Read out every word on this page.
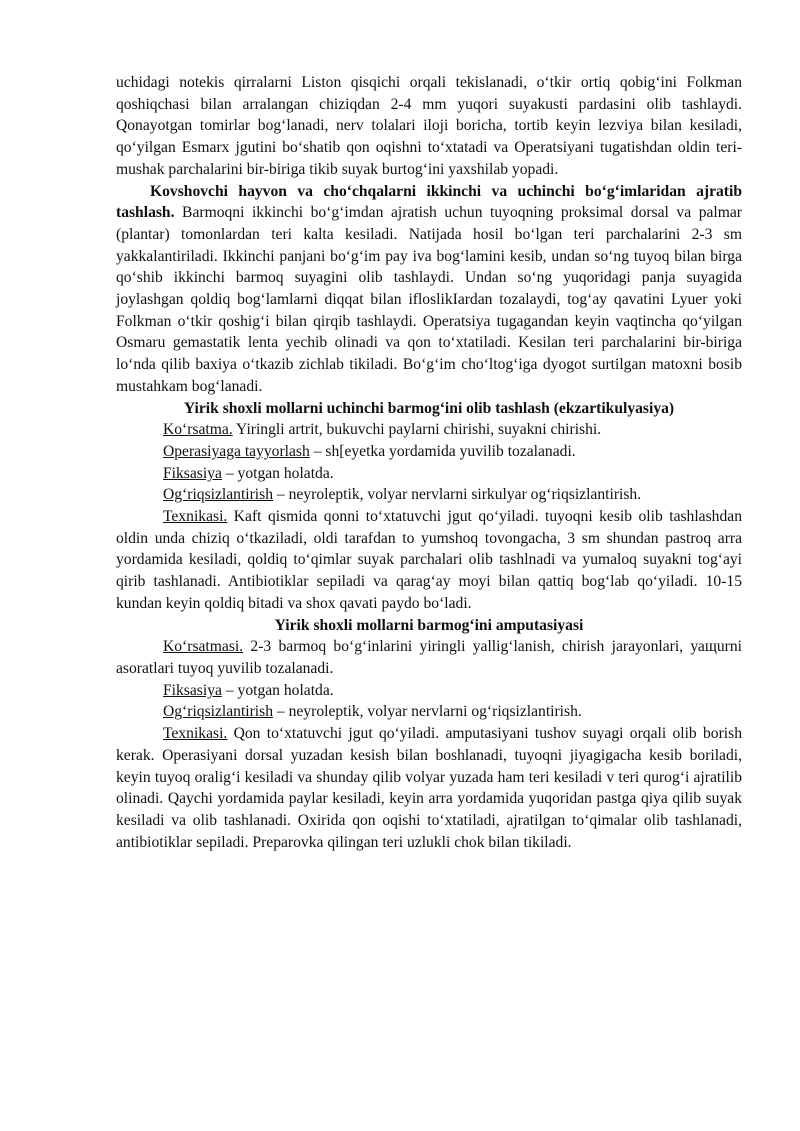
uchidagi notekis qirralarni Liston qisqichi orqali tekislanadi, o‘tkir ortiq qobig‘ini Folkman qoshiqchasi bilan arralangan chiziqdan 2-4 mm yuqori suyakusti pardasini olib tashlaydi. Qonayotgan tomirlar bog‘lanadi, nerv tolalari iloji boricha, tortib keyin lezviya bilan kesiladi, qo‘yilgan Esmarx jgutini bo‘shatib qon oqishni to‘xtatadi va Operatsiyani tugatishdan oldin teri-mushak parchalarini bir-biriga tikib suyak burtog‘ini yaxshilab yopadi.

Kovshovchi hayvon va cho‘chqalarni ikkinchi va uchinchi bo‘g‘imlaridan ajratib tashlash. Barmoqni ikkinchi bo‘g‘imdan ajratish uchun tuyoqning proksimal dorsal va palmar (plantar) tomonlardan teri kalta kesiladi. Natijada hosil bo‘lgan teri parchalarini 2-3 sm yakkalantiriladi. Ikkinchi panjani bo‘g‘im pay iva bog‘lamini kesib, undan so‘ng tuyoq bilan birga qo‘shib ikkinchi barmoq suyagini olib tashlaydi. Undan so‘ng yuqoridagi panja suyagida joylashgan qoldiq bog‘lamlarni diqqat bilan ifloslikIardan tozalaydi, tog‘ay qavatini Lyuer yoki Folkman o‘tkir qoshig‘i bilan qirqib tashlaydi. Operatsiya tugagandan keyin vaqtincha qo‘yilgan Osmaru gemastatik lenta yechib olinadi va qon to‘xtatiladi. Kesilan teri parchalarini bir-biriga lo‘nda qilib baxiya o‘tkazib zichlab tikiladi. Bo‘g‘im cho‘ltog‘iga dyogot surtilgan matoxni bosib mustahkam bog‘lanadi.

Yirik shoxli mollarni uchinchi barmog‘ini olib tashlash (ekzartikulyasiya)

Ko‘rsatma. Yiringli artrit, bukuvchi paylarni chirishi, suyakni chirishi.

Operasiyaga tayyorlash – sh[eyetka yordamida yuvilib tozalanadi.

Fiksasiya – yotgan holatda.

Og‘riqsizlantirish – neyroleptik, volyar nervlarni sirkulyar og‘riqsizlantirish.

Texnikasi. Kaft qismida qonni to‘xtatuvchi jgut qo‘yiladi. tuyoqni kesib olib tashlashdan oldin unda chiziq o‘tkaziladi, oldi tarafdan to yumshoq tovongacha, 3 sm shundan pastroq arra yordamida kesiladi, qoldiq to‘qimlar suyak parchalari olib tashlnadi va yumaloq suyakni tog‘ayi qirib tashlanadi. Antibiotiklar sepiladi va qarag‘ay moyi bilan qattiq bog‘lab qo‘yiladi. 10-15 kundan keyin qoldiq bitadi va shox qavati paydo bo‘ladi.

Yirik shoxli mollarni barmog‘ini amputasiyasi

Ko‘rsatmasi. 2-3 barmoq bo‘g‘inlarini yiringli yallig‘lanish, chirish jarayonlari, уащurni asoratlari tuyoq yuvilib tozalanadi.

Fiksasiya – yotgan holatda.

Og‘riqsizlantirish – neyroleptik, volyar nervlarni og‘riqsizlantirish.

Texnikasi. Qon to‘xtatuvchi jgut qo‘yiladi. amputasiyani tushov suyagi orqali olib borish kerak. Operasiyani dorsal yuzadan kesish bilan boshlanadi, tuyoqni jiyagigacha kesib boriladi, keyin tuyoq oralig‘i kesiladi va shunday qilib volyar yuzada ham teri kesiladi v teri qurog‘i ajratilib olinadi. Qaychi yordamida paylar kesiladi, keyin arra yordamida yuqoridan pastga qiya qilib suyak kesiladi va olib tashlanadi. Oxirida qon oqishi to‘xtatiladi, ajratilgan to‘qimalar olib tashlanadi, antibiotiklar sepiladi. Preparovka qilingan teri uzlukli chok bilan tikiladi.
